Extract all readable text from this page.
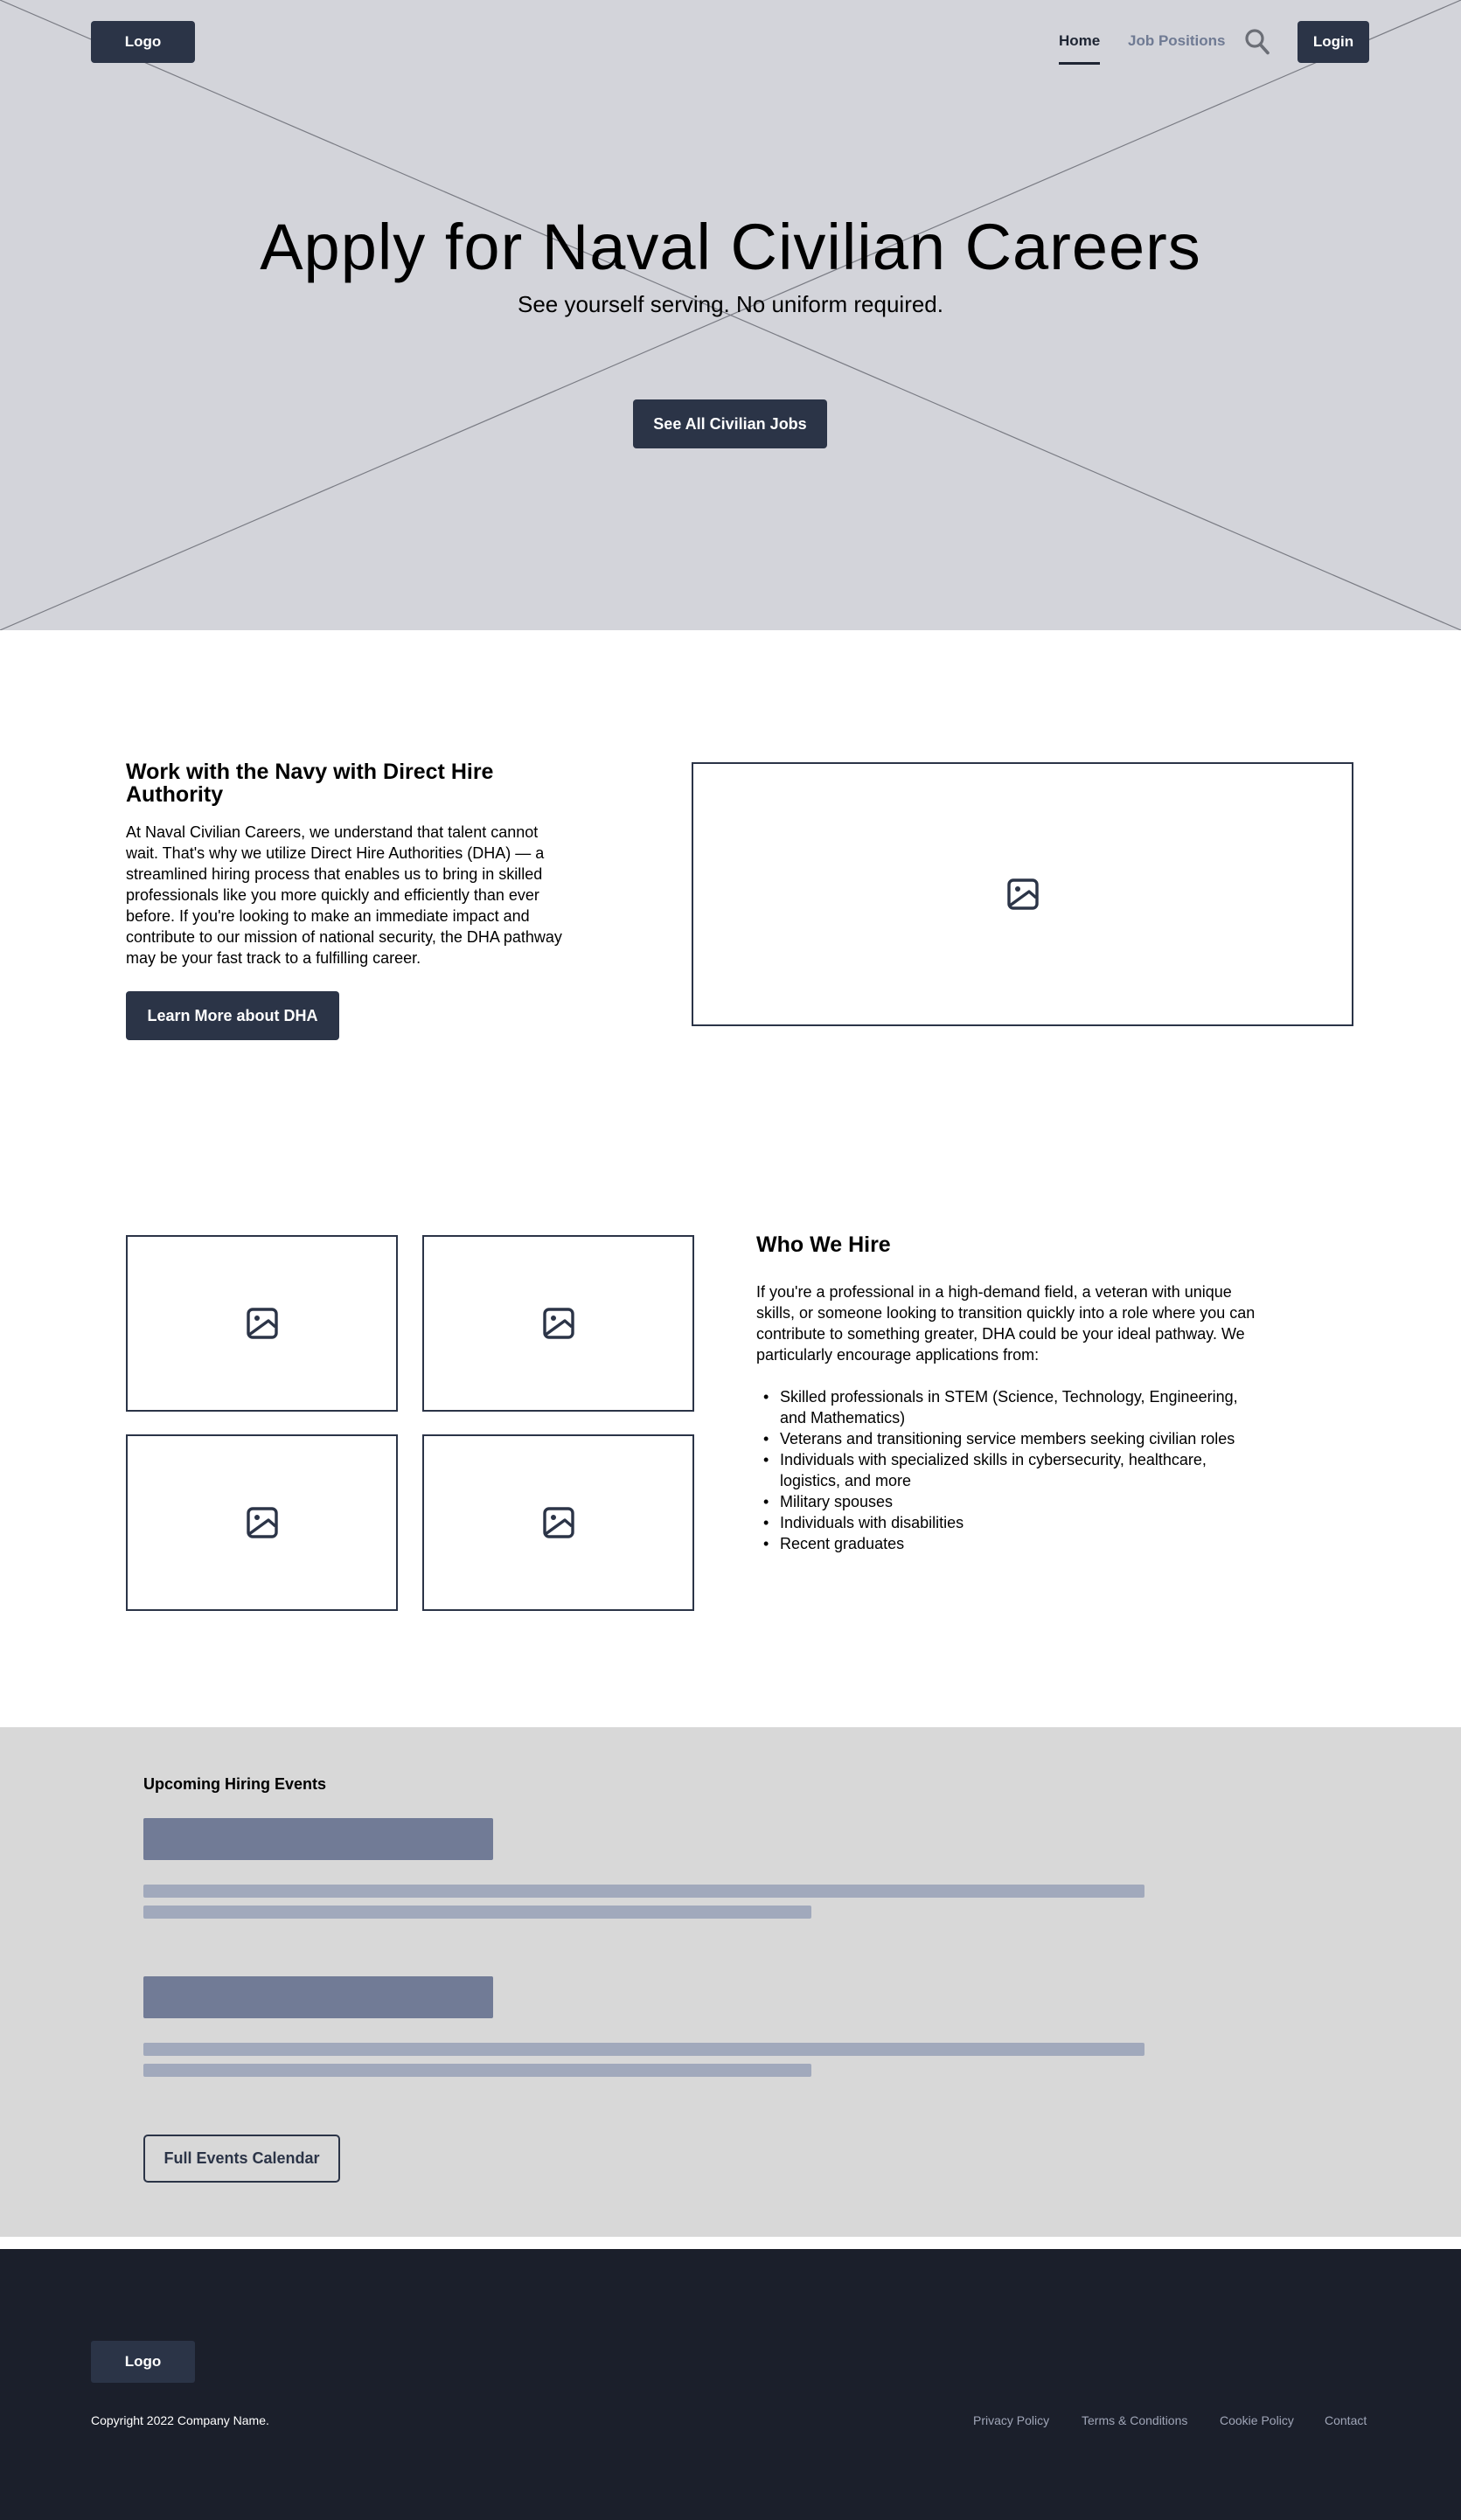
Logo	Home Job Positions	Login
Apply for Naval Civilian Careers

See yourself serving. No uniform required.

See All Civilian Jobs
Work with the Navy with Direct Hire Authority

At Naval Civilian Careers, we understand that talent cannot wait. That's why we utilize Direct Hire Authorities (DHA) — a streamlined hiring process that enables us to bring in skilled professionals like you more quickly and efficiently than ever before. If you're looking to make an immediate impact and contribute to our mission of national security, the DHA pathway may be your fast track to a fulfilling career.

Learn More about DHA
Who We Hire

If you're a professional in a high-demand field, a veteran with unique skills, or someone looking to transition quickly into a role where you can contribute to something greater, DHA could be your ideal pathway. We particularly encourage applications from:

• Skilled professionals in STEM (Science, Technology, Engineering, and Mathematics)
• Veterans and transitioning service members seeking civilian roles
• Individuals with specialized skills in cybersecurity, healthcare, logistics, and more
• Military spouses
• Individuals with disabilities
• Recent graduates
Upcoming Hiring Events
Full Events Calendar
Logo
Copyright 2022 Company Name.	Privacy Policy	Terms & Conditions	Cookie Policy	Contact
